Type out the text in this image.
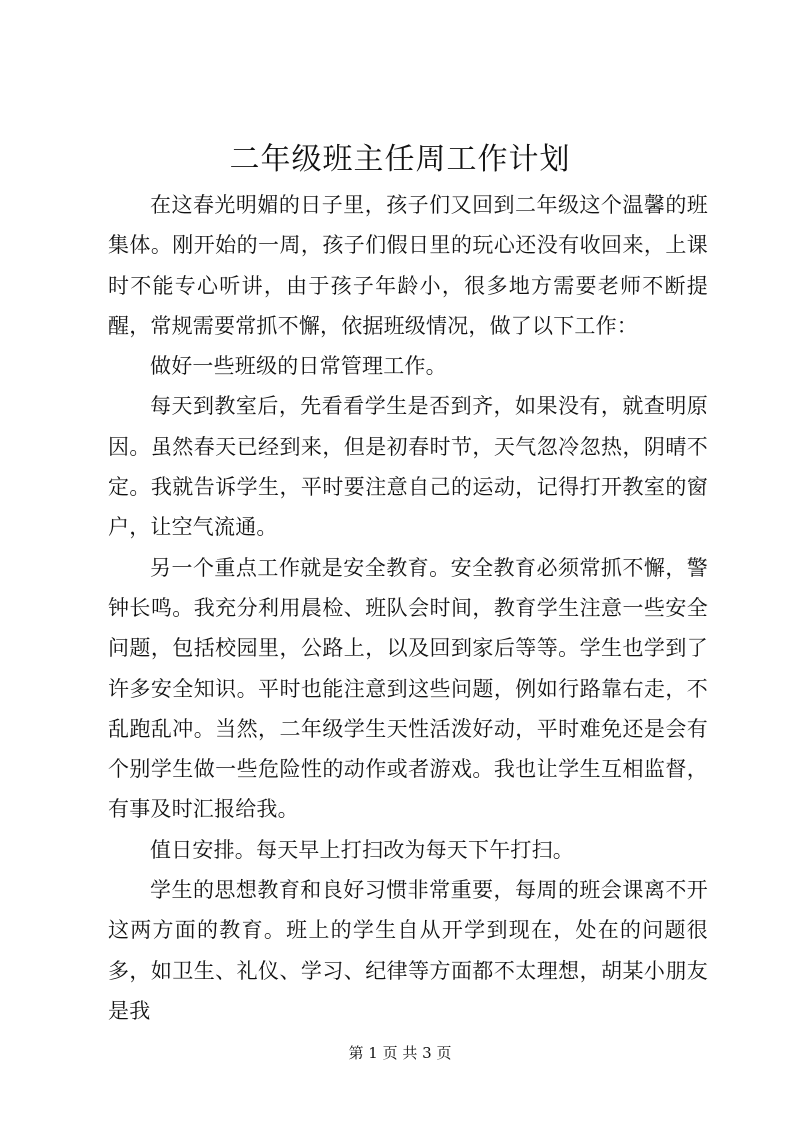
二年级班主任周工作计划

在这春光明媚的日子里，孩子们又回到二年级这个温馨的班集体。刚开始的一周，孩子们假日里的玩心还没有收回来，上课时不能专心听讲，由于孩子年龄小，很多地方需要老师不断提醒，常规需要常抓不懈，依据班级情况，做了以下工作：

做好一些班级的日常管理工作。

每天到教室后，先看看学生是否到齐，如果没有，就查明原因。虽然春天已经到来，但是初春时节，天气忽冷忽热，阴晴不定。我就告诉学生，平时要注意自己的运动，记得打开教室的窗户，让空气流通。

另一个重点工作就是安全教育。安全教育必须常抓不懈，警钟长鸣。我充分利用晨检、班队会时间，教育学生注意一些安全问题，包括校园里，公路上，以及回到家后等等。学生也学到了许多安全知识。平时也能注意到这些问题，例如行路靠右走，不乱跑乱冲。当然，二年级学生天性活泼好动，平时难免还是会有个别学生做一些危险性的动作或者游戏。我也让学生互相监督，有事及时汇报给我。

值日安排。每天早上打扫改为每天下午打扫。

学生的思想教育和良好习惯非常重要，每周的班会课离不开这两方面的教育。班上的学生自从开学到现在，处在的问题很多，如卫生、礼仪、学习、纪律等方面都不太理想，胡某小朋友是我

第 1 页 共 3 页
